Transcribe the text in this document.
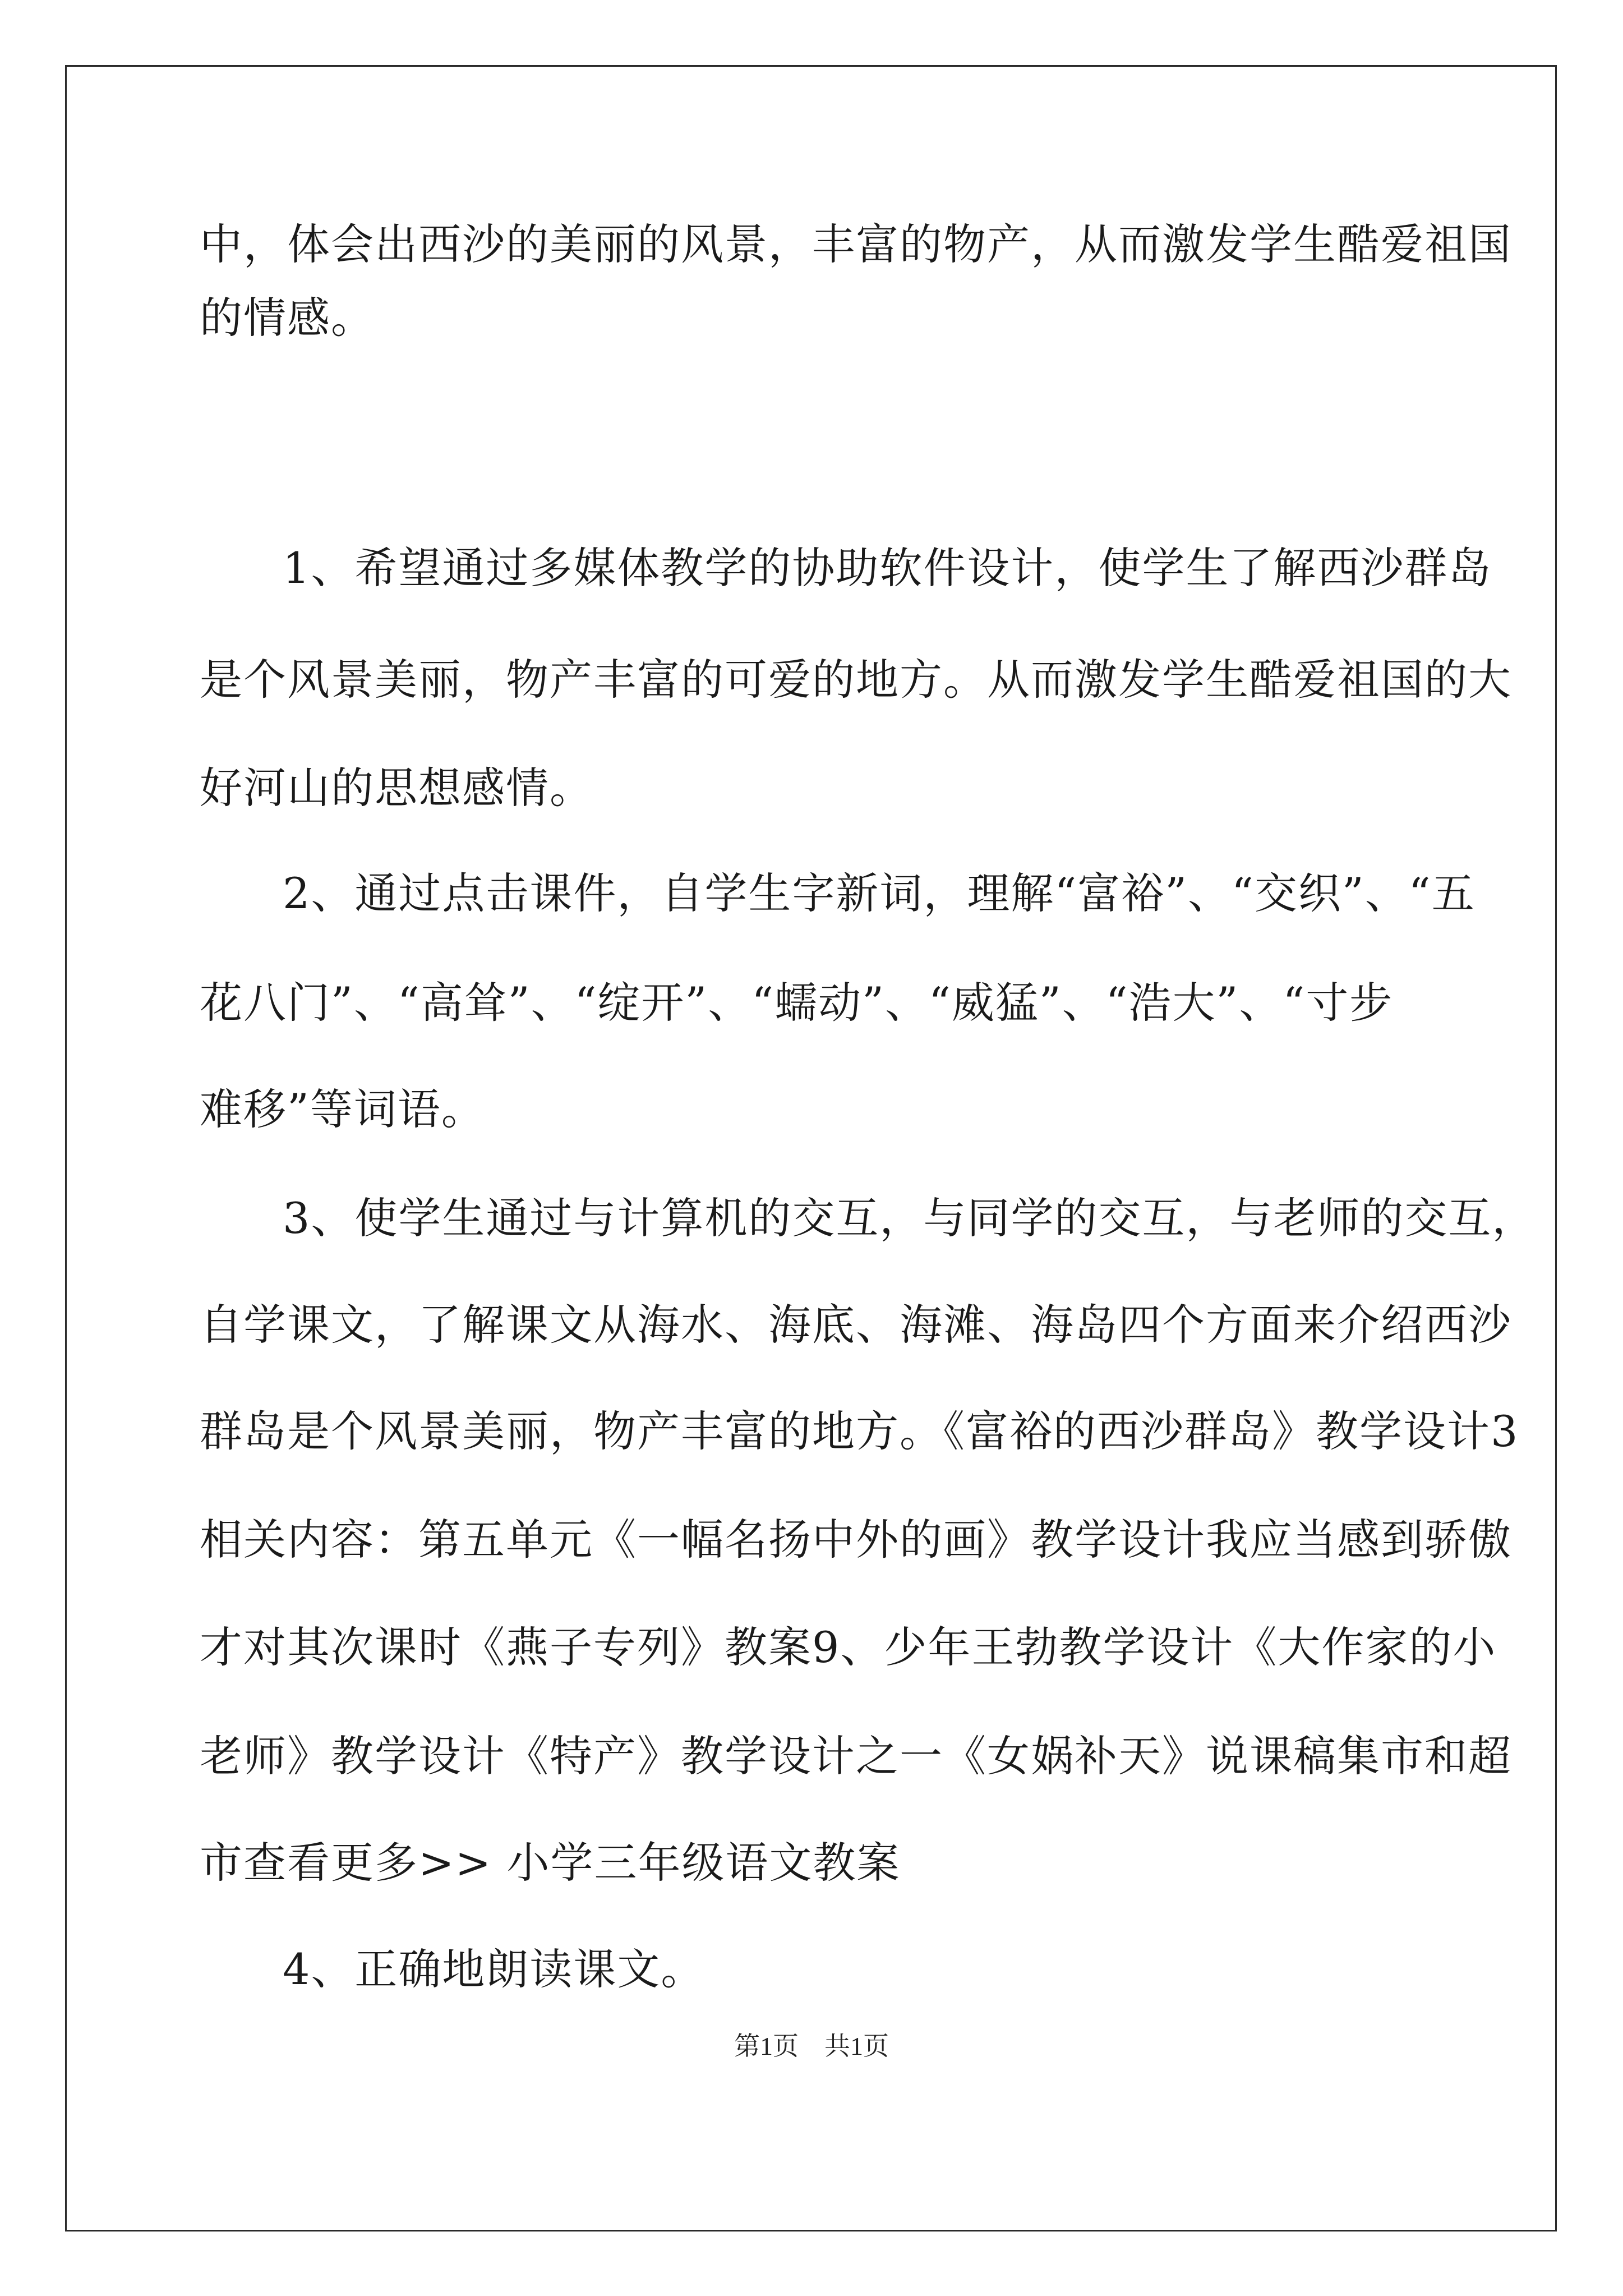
中，体会出西沙的美丽的风景，丰富的物产，从而激发学生酷爱祖国
的情感。
1、希望通过多媒体教学的协助软件设计，使学生了解西沙群岛
是个风景美丽，物产丰富的可爱的地方。从而激发学生酷爱祖国的大
好河山的思想感情。
2、通过点击课件，自学生字新词，理解“富裕”、“交织”、“五
花八门”、“高耸”、“绽开”、“蠕动”、“威猛”、“浩大”、“寸步
难移”等词语。
3、使学生通过与计算机的交互，与同学的交互，与老师的交互，
自学课文，了解课文从海水、海底、海滩、海岛四个方面来介绍西沙
群岛是个风景美丽，物产丰富的地方。《富裕的西沙群岛》教学设计3
相关内容：第五单元《一幅名扬中外的画》教学设计我应当感到骄傲
才对其次课时《燕子专列》教案9、少年王勃教学设计《大作家的小
老师》教学设计《特产》教学设计之一《女娲补天》说课稿集市和超
市查看更多>> 小学三年级语文教案
4、正确地朗读课文。
第1页　共1页
